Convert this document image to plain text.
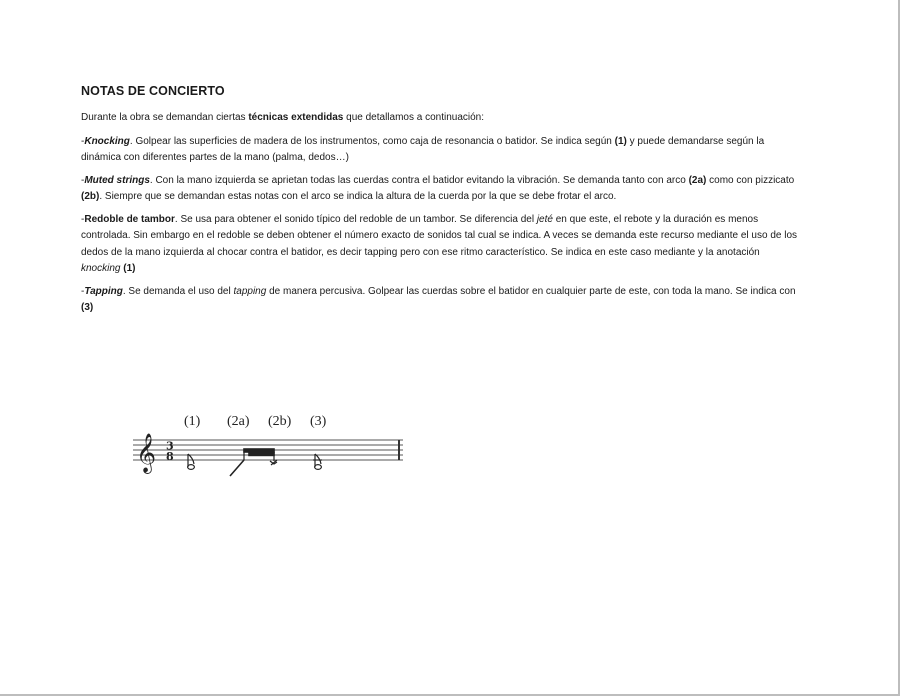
NOTAS DE CONCIERTO

Durante la obra se demandan ciertas técnicas extendidas que detallamos a continuación:

-Knocking. Golpear las superficies de madera de los instrumentos, como caja de resonancia o batidor. Se indica según (1) y puede demandarse según la dinámica con diferentes partes de la mano (palma, dedos…)

-Muted strings. Con la mano izquierda se aprietan todas las cuerdas contra el batidor evitando la vibración. Se demanda tanto con arco (2a) como con pizzicato (2b). Siempre que se demandan estas notas con el arco se indica la altura de la cuerda por la que se debe frotar el arco.

-Redoble de tambor. Se usa para obtener el sonido típico del redoble de un tambor. Se diferencia del jeté en que este, el rebote y la duración es menos controlada. Sin embargo en el redoble se deben obtener el número exacto de sonidos tal cual se indica. A veces se demanda este recurso mediante el uso de los dedos de la mano izquierda al chocar contra el batidor, es decir tapping pero con ese ritmo característico. Se indica en este caso mediante y la anotación knocking (1)

-Tapping. Se demanda el uso del tapping de manera percusiva. Golpear las cuerdas sobre el batidor en cualquier parte de este, con toda la mano. Se indica con (3)

(1) (2a) (2b) (3)
𝄞 3
8
